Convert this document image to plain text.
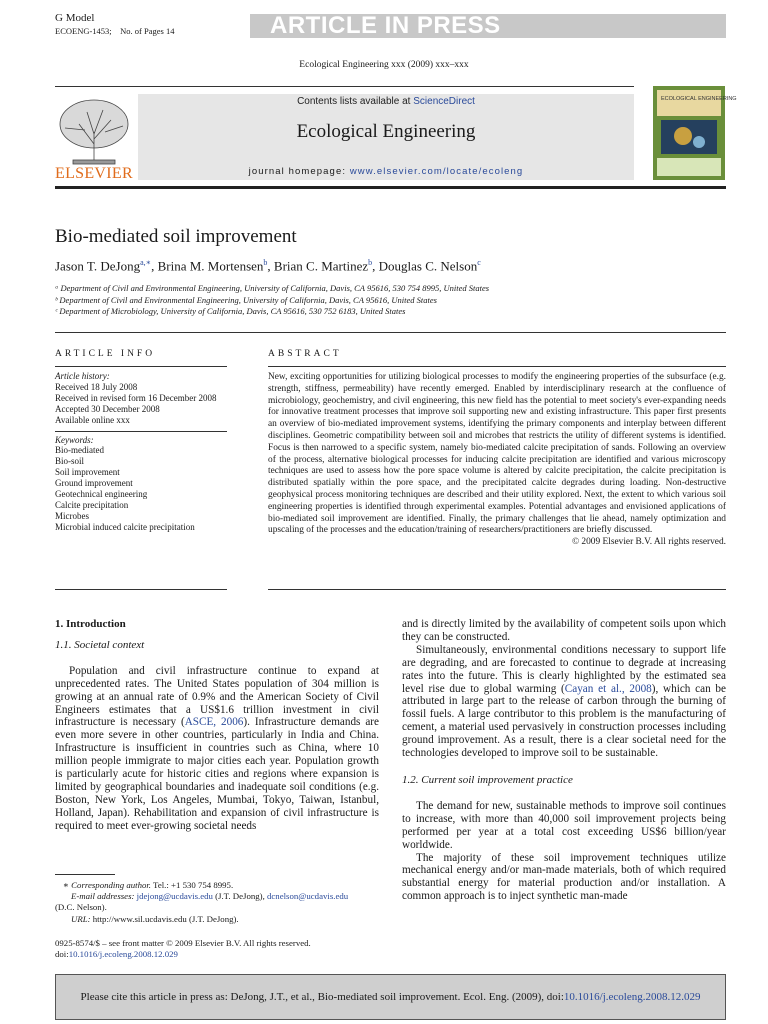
G Model
ECOENG-1453; No. of Pages 14	ARTICLE IN PRESS
Ecological Engineering xxx (2009) xxx–xxx
ELSEVIER
Contents lists available at ScienceDirect
Ecological Engineering
journal homepage: www.elsevier.com/locate/ecoleng
ECOLOGICAL ENGINEERING
Bio-mediated soil improvement
Jason T. DeJong$^{a,∗}$, Brina M. Mortensen$^b$, Brian C. Martinez$^b$, Douglas C. Nelson$^c$
ᵃ Department of Civil and Environmental Engineering, University of California, Davis, CA 95616, 530 754 8995, United States
ᵇ Department of Civil and Environmental Engineering, University of California, Davis, CA 95616, United States
ᶜ Department of Microbiology, University of California, Davis, CA 95616, 530 752 6183, United States
ARTICLE INFO
Article history:
Received 18 July 2008
Received in revised form 16 December 2008
Accepted 30 December 2008
Available online xxx
Keywords:
Bio-mediated
Bio-soil
Soil improvement
Ground improvement
Geotechnical engineering
Calcite precipitation
Microbes
Microbial induced calcite precipitation
ABSTRACT
New, exciting opportunities for utilizing biological processes to modify the engineering properties of the subsurface (e.g. strength, stiffness, permeability) have recently emerged. Enabled by interdisciplinary research at the confluence of microbiology, geochemistry, and civil engineering, this new field has the potential to meet society's ever-expanding needs for innovative treatment processes that improve soil supporting new and existing infrastructure. This paper first presents an overview of bio-mediated improvement systems, identifying the primary components and interplay between different disciplines. Geometric compatibility between soil and microbes that restricts the utility of different systems is identified. Focus is then narrowed to a specific system, namely bio-mediated calcite precipitation of sands. Following an overview of the process, alternative biological processes for inducing calcite precipitation are identified and various microscopy techniques are used to assess how the pore space volume is altered by calcite precipitation, the calcite precipitation is distributed spatially within the pore space, and the precipitated calcite degrades during loading. Non-destructive geophysical process monitoring techniques are described and their utility explored. Next, the extent to which various soil engineering properties is identified through experimental examples. Potential advantages and envisioned applications of bio-mediated soil improvement are identified. Finally, the primary challenges that lie ahead, namely optimization and upscaling of the processes and the education/training of researchers/practitioners are briefly discussed.
© 2009 Elsevier B.V. All rights reserved.

1. Introduction

1.1. Societal context

Population and civil infrastructure continue to expand at unprecedented rates. The United States population of 304 million is growing at an annual rate of 0.9% and the American Society of Civil Engineers estimates that a US$1.6 trillion investment in civil infrastructure is necessary (ASCE, 2006). Infrastructure demands are even more severe in other countries, particularly in India and China. Infrastructure is insufficient in countries such as China, where 10 million people immigrate to major cities each year. Population growth is particularly acute for historic cities and regions where expansion is limited by geographical boundaries and inadequate soil conditions (e.g. Boston, New York, Los Angeles, Mumbai, Tokyo, Taiwan, Istanbul, Holland, Japan). Rehabilitation and expansion of civil infrastructure is required to meet ever-growing societal needs

and is directly limited by the availability of competent soils upon which they can be constructed.

Simultaneously, environmental conditions necessary to support life are degrading, and are forecasted to continue to degrade at increasing rates into the future. This is clearly highlighted by the estimated sea level rise due to global warming (Cayan et al., 2008), which can be attributed in large part to the release of carbon through the burning of fossil fuels. A large contributor to this problem is the manufacturing of cement, a material used pervasively in construction processes including ground improvement. As a result, there is a clear societal need for the technologies developed to improve soil to be sustainable.

1.2. Current soil improvement practice

The demand for new, sustainable methods to improve soil continues to increase, with more than 40,000 soil improvement projects being performed per year at a total cost exceeding US$6 billion/year worldwide.

The majority of these soil improvement techniques utilize mechanical energy and/or man-made materials, both of which required substantial energy for material production and/or installation. A common approach is to inject synthetic man-made

∗ Corresponding author. Tel.: +1 530 754 8995.
E-mail addresses: jdejong@ucdavis.edu (J.T. DeJong), dcnelson@ucdavis.edu
(D.C. Nelson).
URL: http://www.sil.ucdavis.edu (J.T. DeJong).
0925-8574/$ – see front matter © 2009 Elsevier B.V. All rights reserved.
doi:10.1016/j.ecoleng.2008.12.029
Please cite this article in press as: DeJong, J.T., et al., Bio-mediated soil improvement. Ecol. Eng. (2009), doi:10.1016/j.ecoleng.2008.12.029
